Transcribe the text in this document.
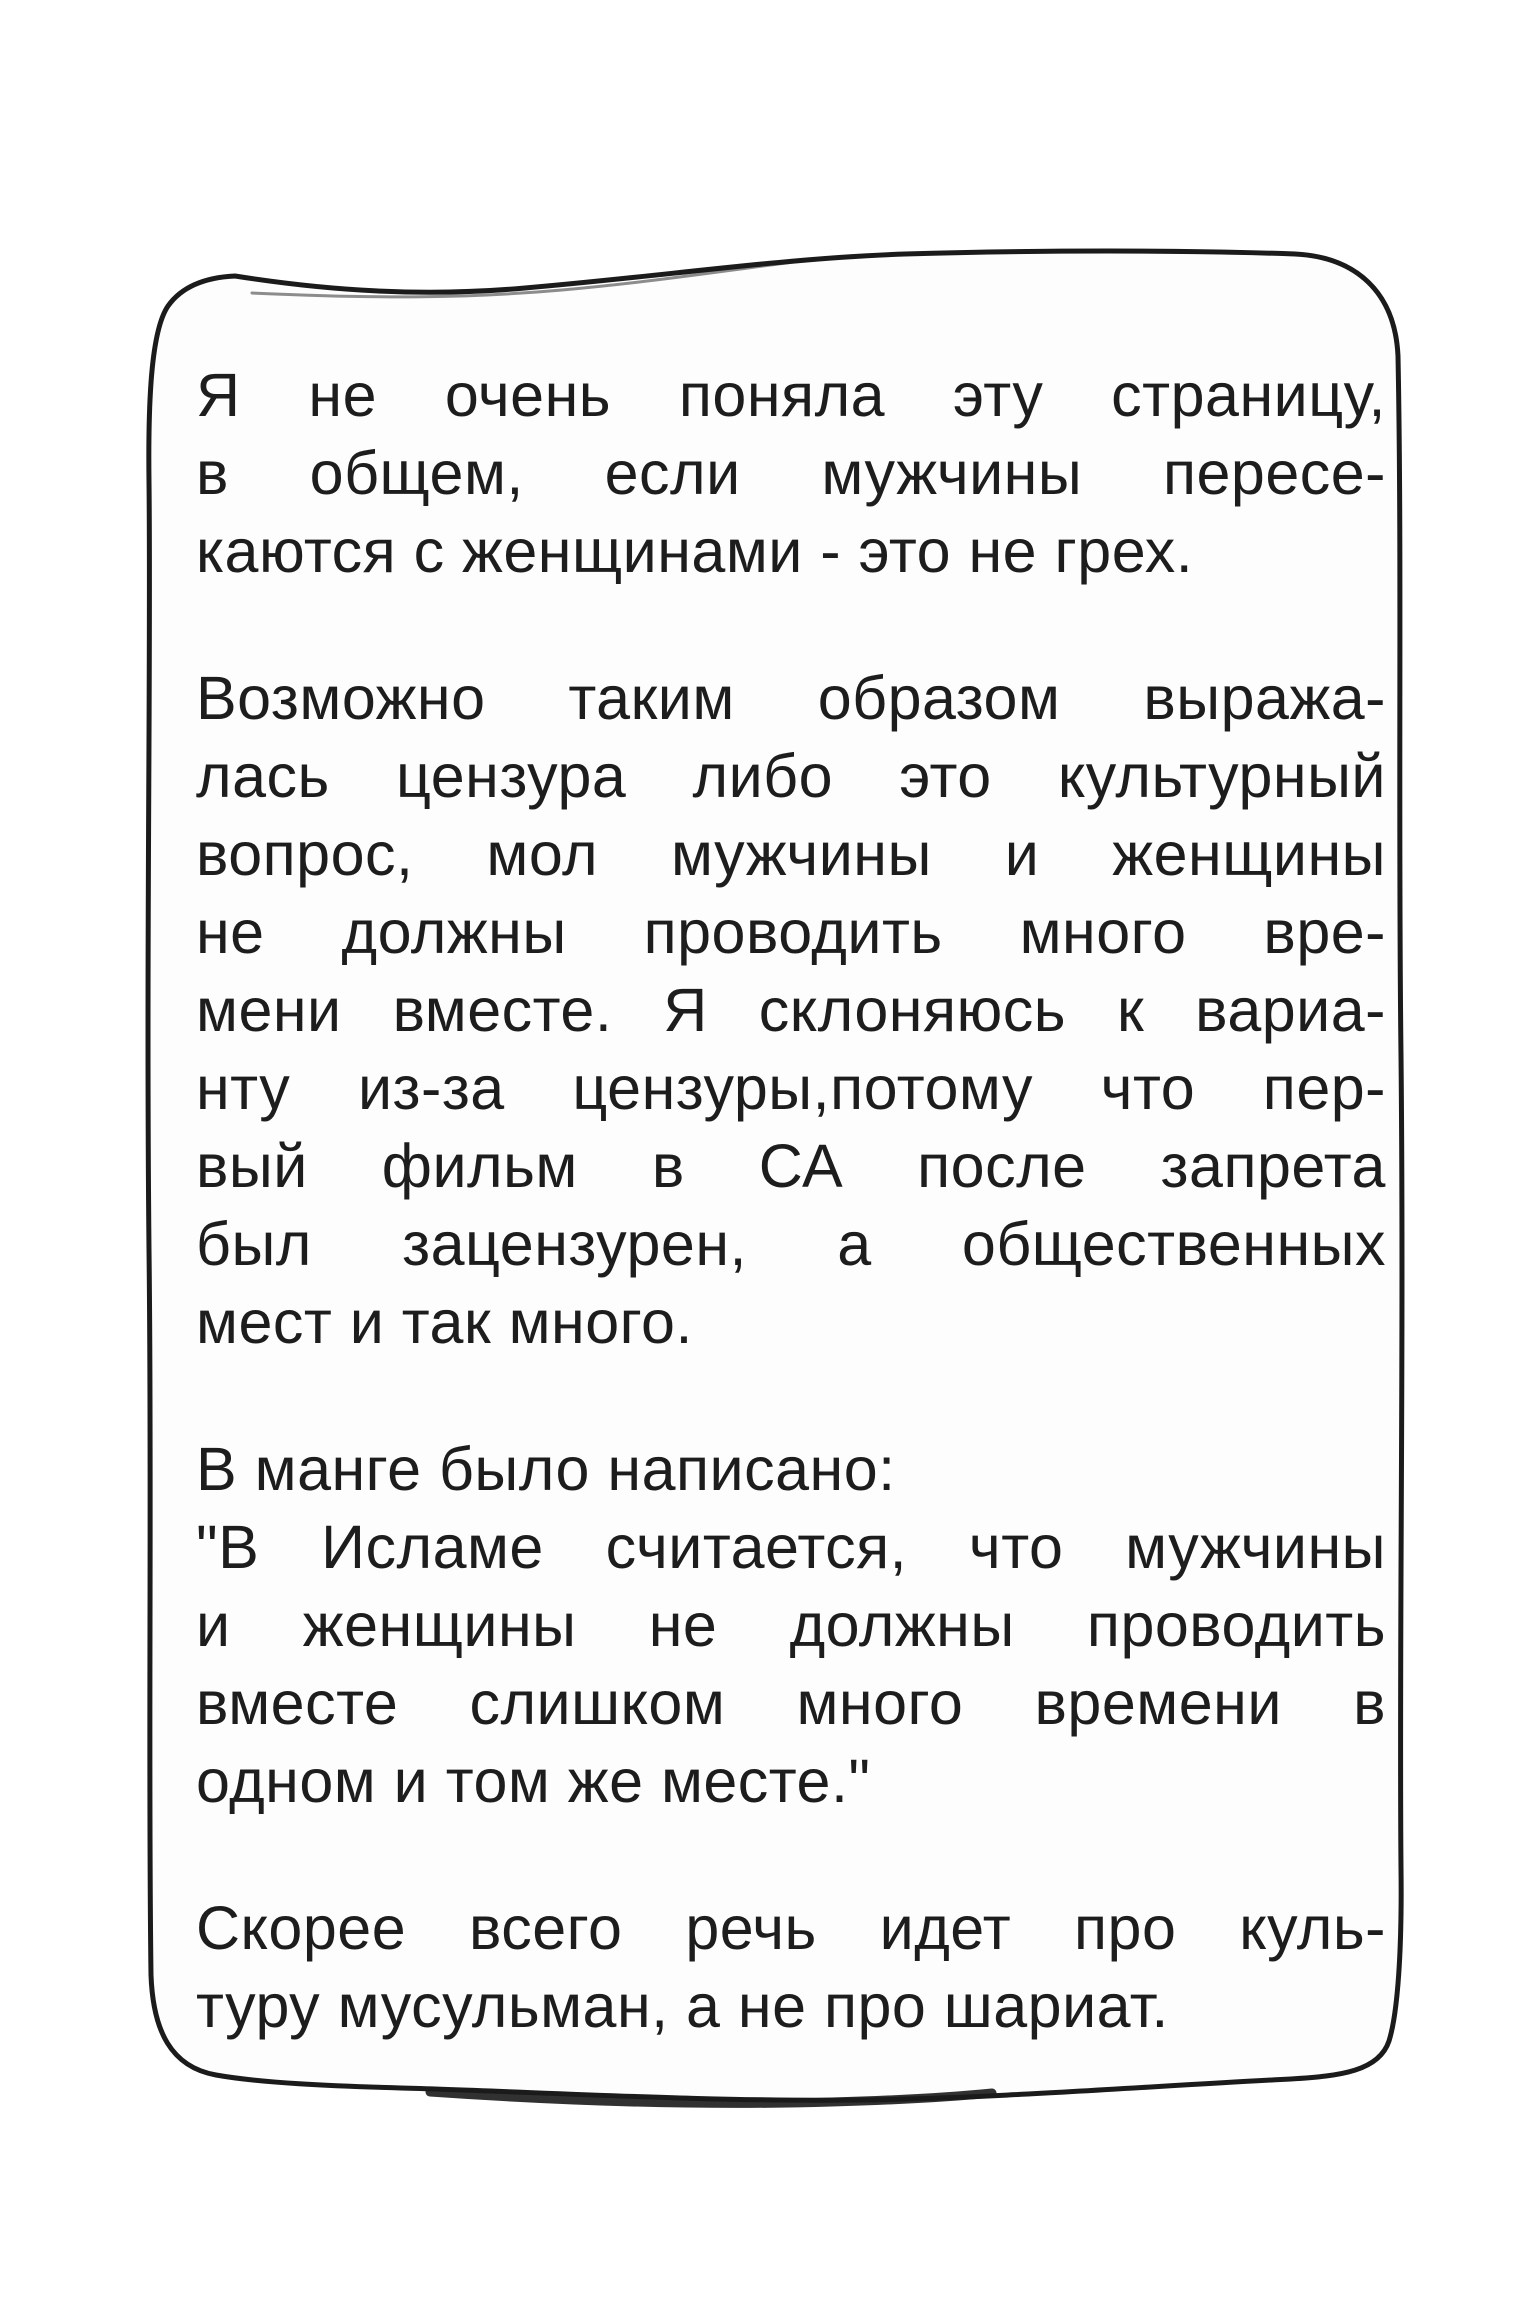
Я не очень поняла эту страницу,
в общем, если мужчины пересе-
каются с женщинами - это не грех.
Возможно таким образом выража-
лась цензура либо это культурный
вопрос, мол мужчины и женщины
не должны проводить много вре-
мени вместе. Я склоняюсь к вариа-
нту из-за цензуры,потому что пер-
вый фильм в СА после запрета
был зацензурен, а общественных
мест и так много.
В манге было написано:
"В Исламе считается, что мужчины
и женщины не должны проводить
вместе слишком много времени в
одном и том же месте."
Скорее всего речь идет про куль-
туру мусульман, а не про шариат.
